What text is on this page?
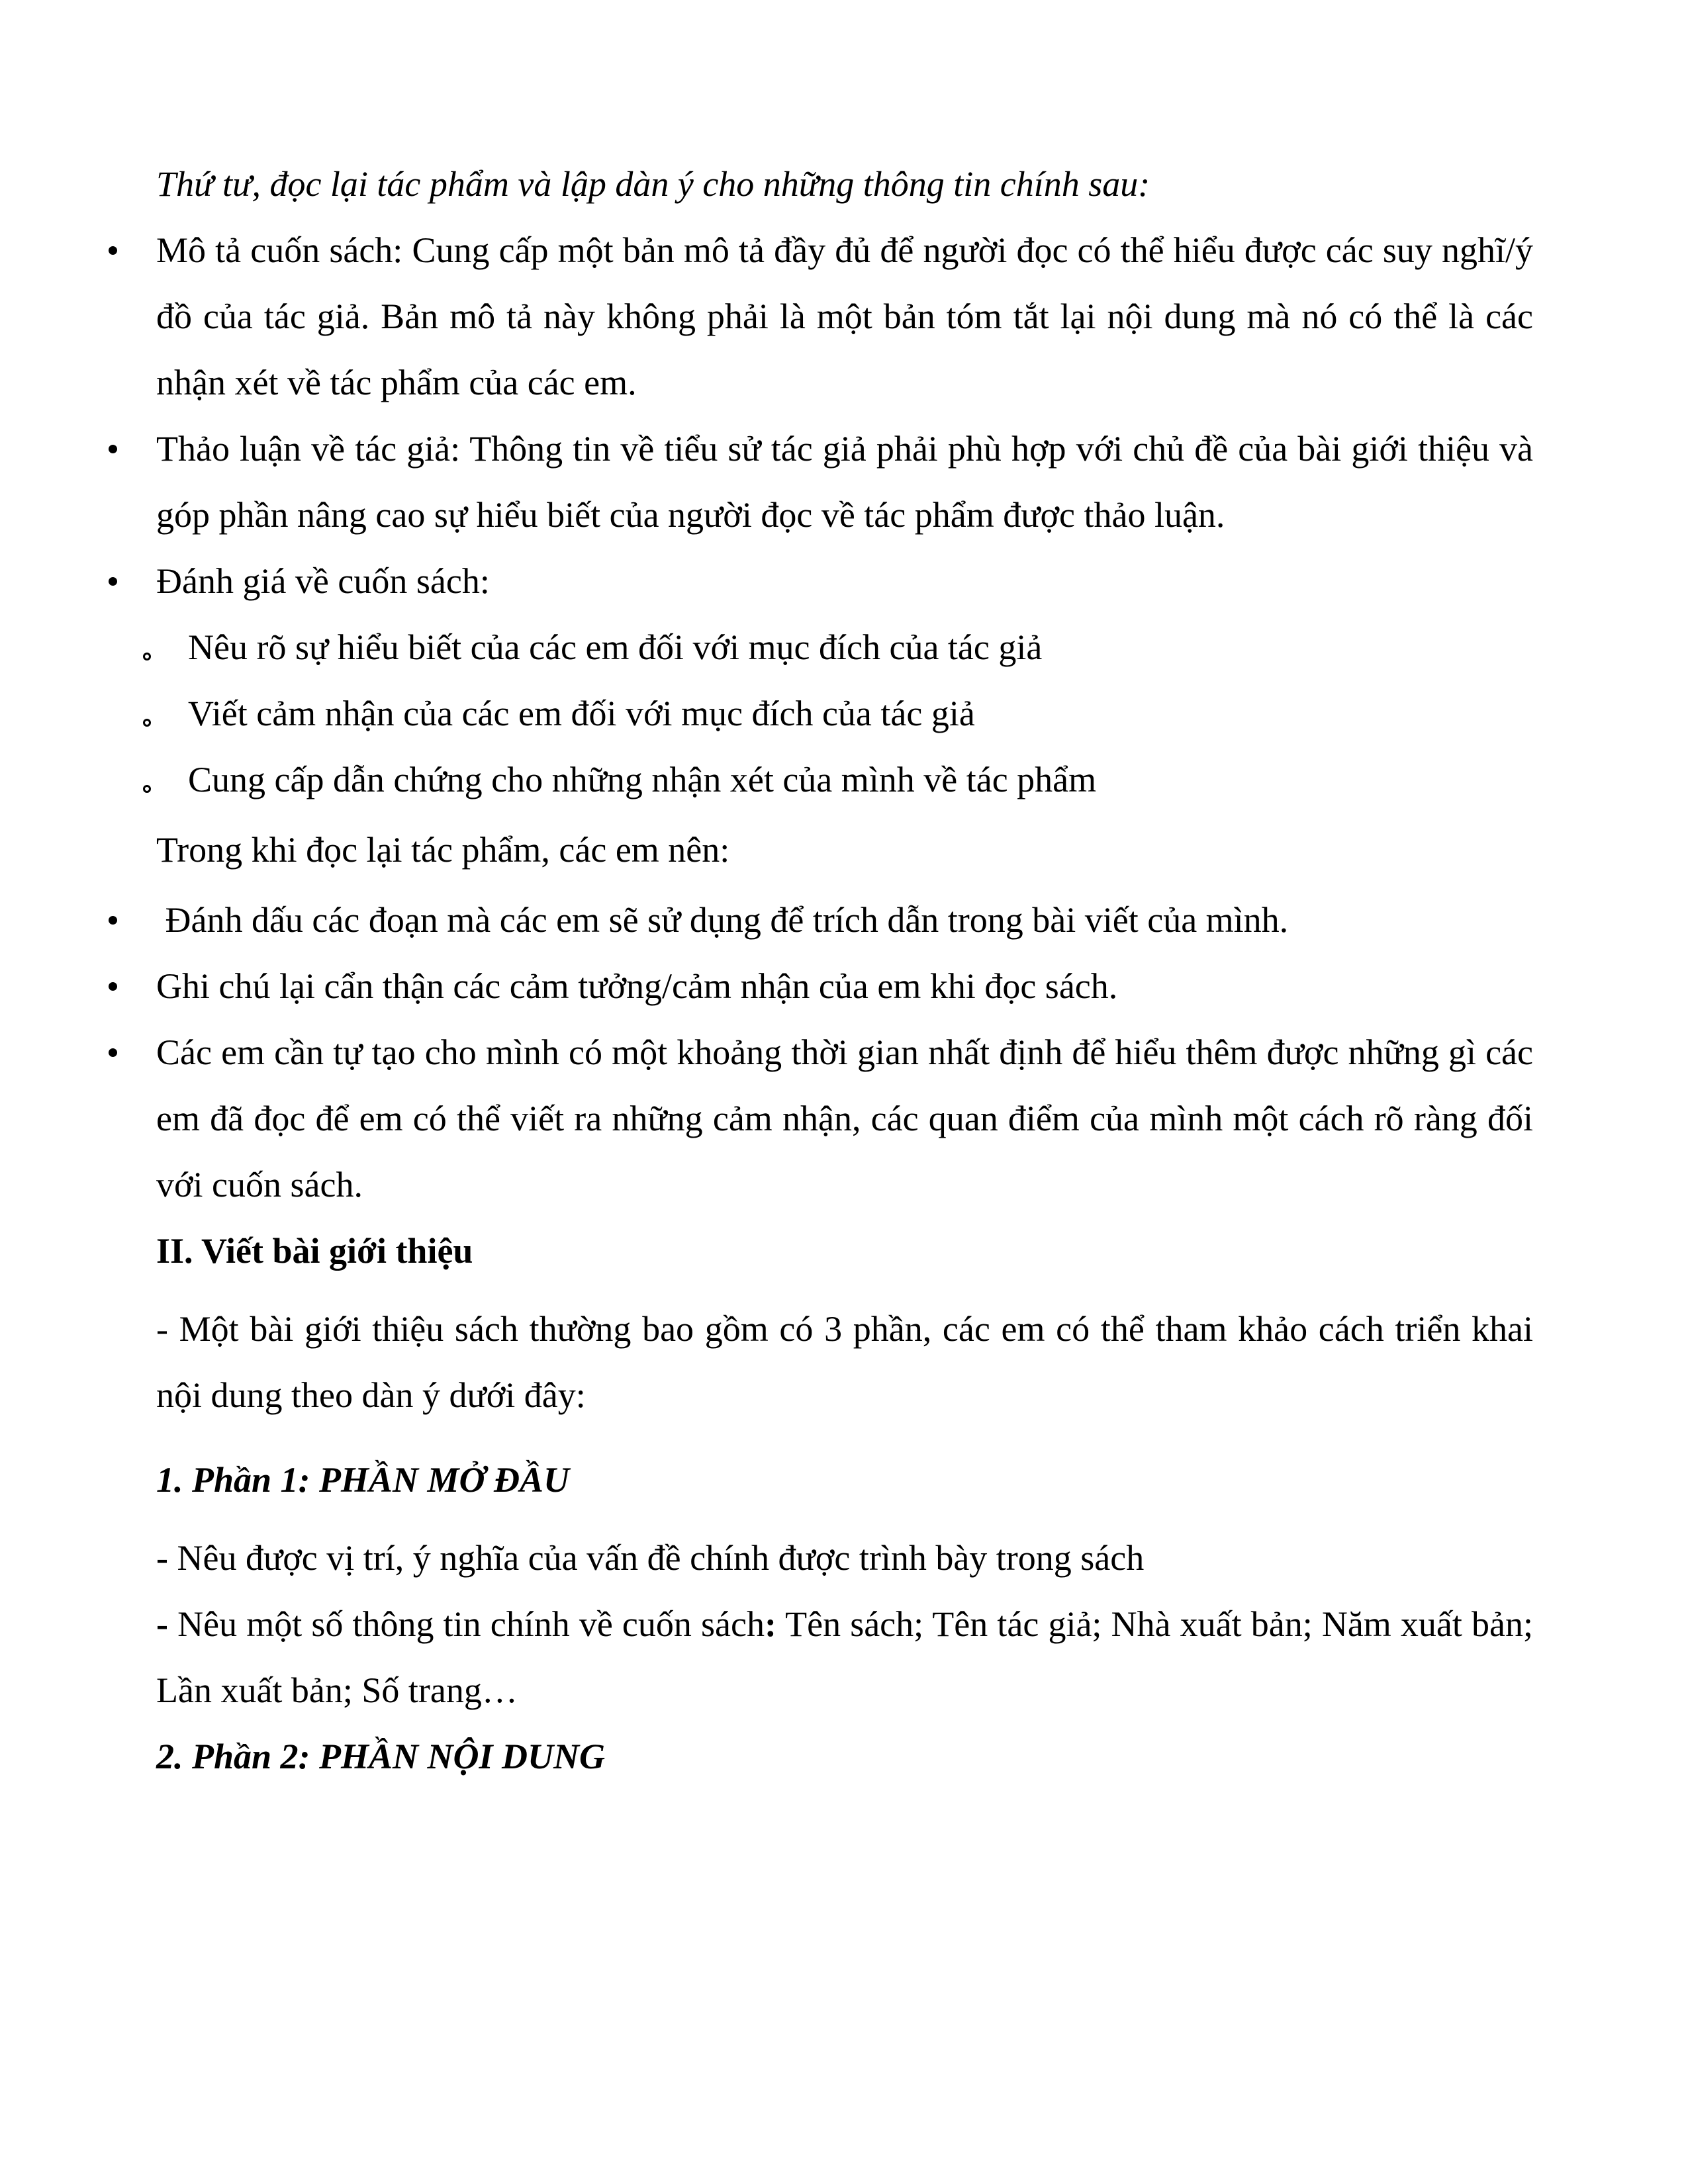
Thứ tư, đọc lại tác phẩm và lập dàn ý cho những thông tin chính sau:

Mô tả cuốn sách: Cung cấp một bản mô tả đầy đủ để người đọc có thể hiểu được các suy nghĩ/ý đồ của tác giả. Bản mô tả này không phải là một bản tóm tắt lại nội dung mà nó có thể là các nhận xét về tác phẩm của các em.
Thảo luận về tác giả: Thông tin về tiểu sử tác giả phải phù hợp với chủ đề của bài giới thiệu và góp phần nâng cao sự hiểu biết của người đọc về tác phẩm được thảo luận.
Đánh giá về cuốn sách:
Nêu rõ sự hiểu biết của các em đối với mục đích của tác giả
Viết cảm nhận của các em đối với mục đích của tác giả
Cung cấp dẫn chứng cho những nhận xét của mình về tác phẩm

Trong khi đọc lại tác phẩm, các em nên:

Đánh dấu các đoạn mà các em sẽ sử dụng để trích dẫn trong bài viết của mình.
Ghi chú lại cẩn thận các cảm tưởng/cảm nhận của em khi đọc sách.
Các em cần tự tạo cho mình có một khoảng thời gian nhất định để hiểu thêm được những gì các em đã đọc để em có thể viết ra những cảm nhận, các quan điểm của mình một cách rõ ràng đối với cuốn sách.

II. Viết bài giới thiệu

- Một bài giới thiệu sách thường bao gồm có 3 phần, các em có thể tham khảo cách triển khai nội dung theo dàn ý dưới đây:

1. Phần 1: PHẦN MỞ ĐẦU

- Nêu được vị trí, ý nghĩa của vấn đề chính được trình bày trong sách

- Nêu một số thông tin chính về cuốn sách: Tên sách; Tên tác giả; Nhà xuất bản; Năm xuất bản; Lần xuất bản; Số trang…

2. Phần 2: PHẦN NỘI DUNG
